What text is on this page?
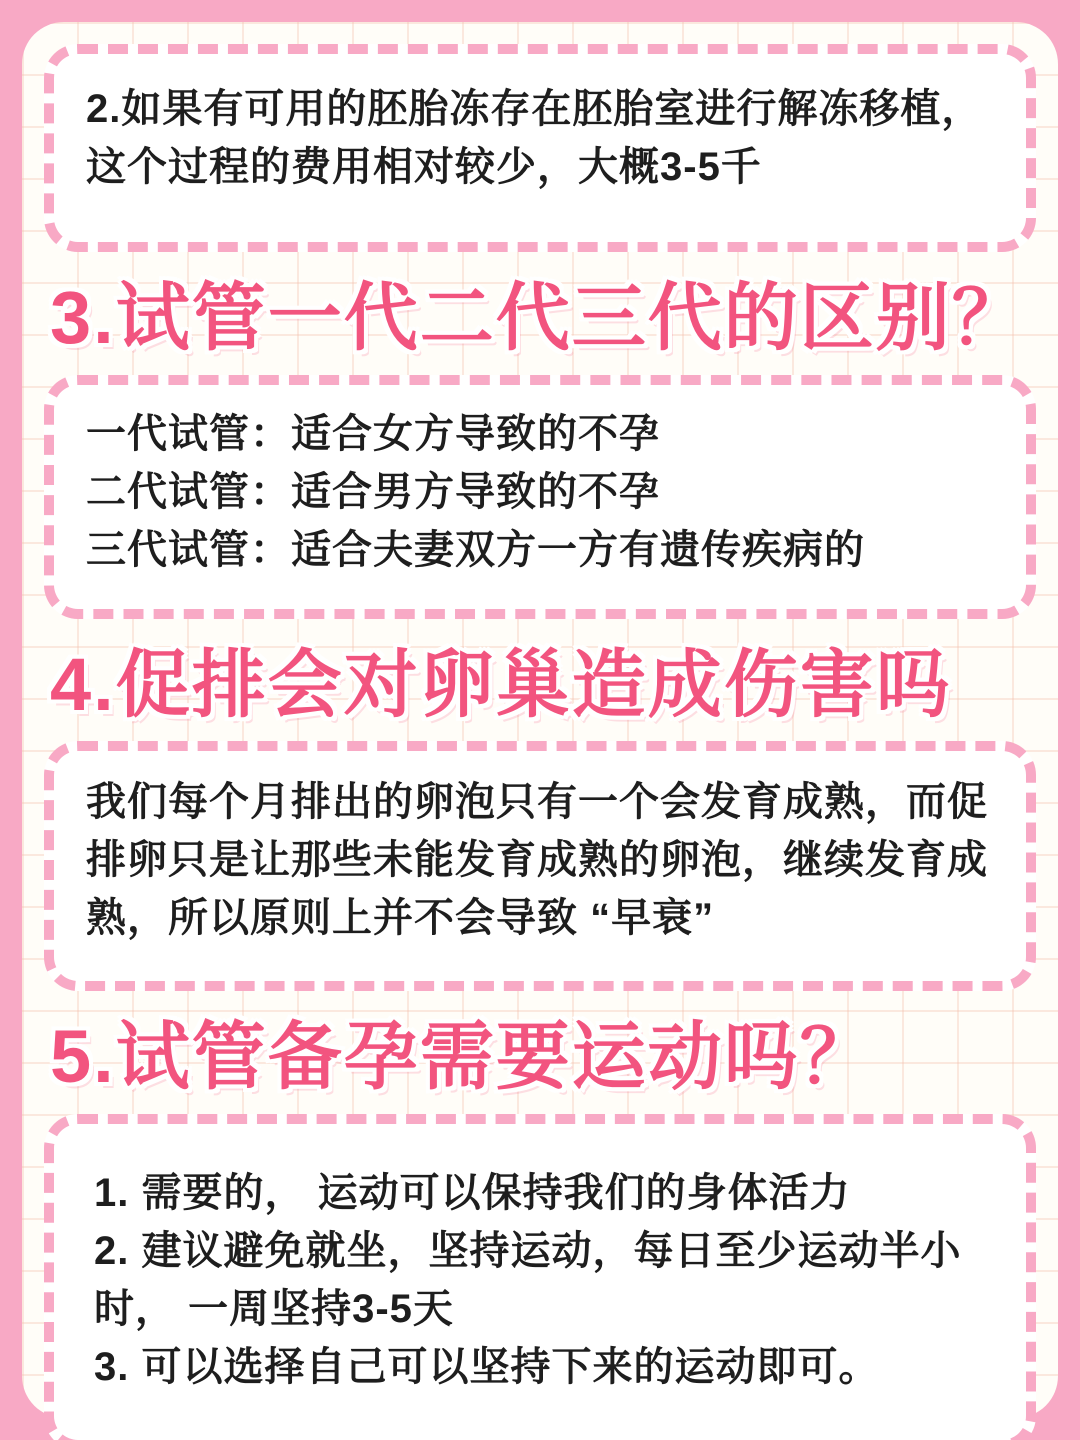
2.如果有可用的胚胎冻存在胚胎室进行解冻移植，这个过程的费用相对较少，大概3-5千

3.试管一代二代三代的区别？

一代试管：适合女方导致的不孕

二代试管：适合男方导致的不孕

三代试管：适合夫妻双方一方有遗传疾病的

4.促排会对卵巢造成伤害吗

我们每个月排出的卵泡只有一个会发育成熟，而促排卵只是让那些未能发育成熟的卵泡，继续发育成熟，所以原则上并不会导致 “早衰”

5.试管备孕需要运动吗？

1. 需要的， 运动可以保持我们的身体活力

2. 建议避免就坐，坚持运动，每日至少运动半小时， 一周坚持3-5天

3. 可以选择自己可以坚持下来的运动即可。
